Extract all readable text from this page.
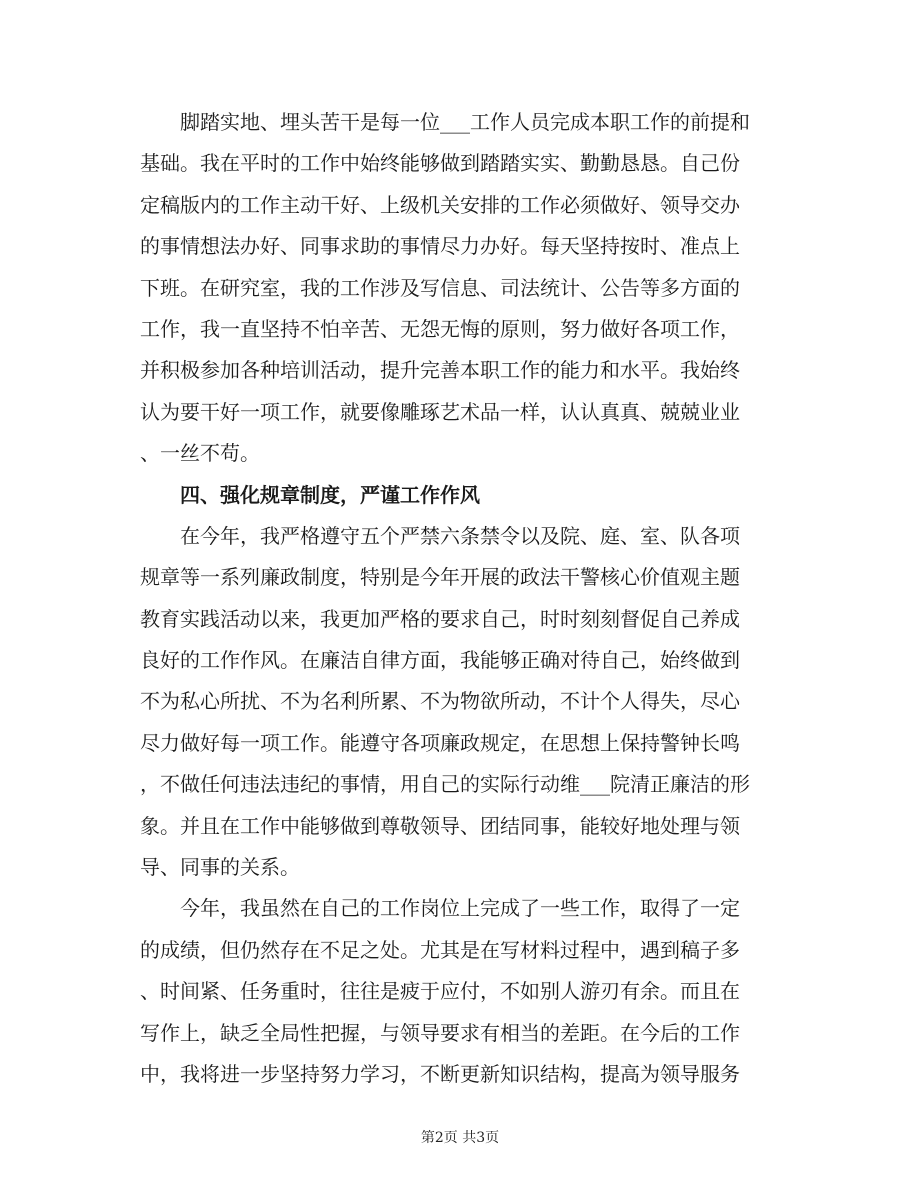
　　脚踏实地、埋头苦干是每一位___工作人员完成本职工作的前提和
基础。我在平时的工作中始终能够做到踏踏实实、勤勤恳恳。自己份
定稿版内的工作主动干好、上级机关安排的工作必须做好、领导交办
的事情想法办好、同事求助的事情尽力办好。每天坚持按时、准点上
下班。在研究室，我的工作涉及写信息、司法统计、公告等多方面的
工作，我一直坚持不怕辛苦、无怨无悔的原则，努力做好各项工作，
并积极参加各种培训活动，提升完善本职工作的能力和水平。我始终
认为要干好一项工作，就要像雕琢艺术品一样，认认真真、兢兢业业
、一丝不苟。
　　四、强化规章制度，严谨工作作风
　　在今年，我严格遵守五个严禁六条禁令以及院、庭、室、队各项
规章等一系列廉政制度，特别是今年开展的政法干警核心价值观主题
教育实践活动以来，我更加严格的要求自己，时时刻刻督促自己养成
良好的工作作风。在廉洁自律方面，我能够正确对待自己，始终做到
不为私心所扰、不为名利所累、不为物欲所动，不计个人得失，尽心
尽力做好每一项工作。能遵守各项廉政规定，在思想上保持警钟长鸣
，不做任何违法违纪的事情，用自己的实际行动维___院清正廉洁的形
象。并且在工作中能够做到尊敬领导、团结同事，能较好地处理与领
导、同事的关系。
　　今年，我虽然在自己的工作岗位上完成了一些工作，取得了一定
的成绩，但仍然存在不足之处。尤其是在写材料过程中，遇到稿子多
、时间紧、任务重时，往往是疲于应付，不如别人游刃有余。而且在
写作上，缺乏全局性把握，与领导要求有相当的差距。在今后的工作
中，我将进一步坚持努力学习，不断更新知识结构，提高为领导服务
第2页 共3页
